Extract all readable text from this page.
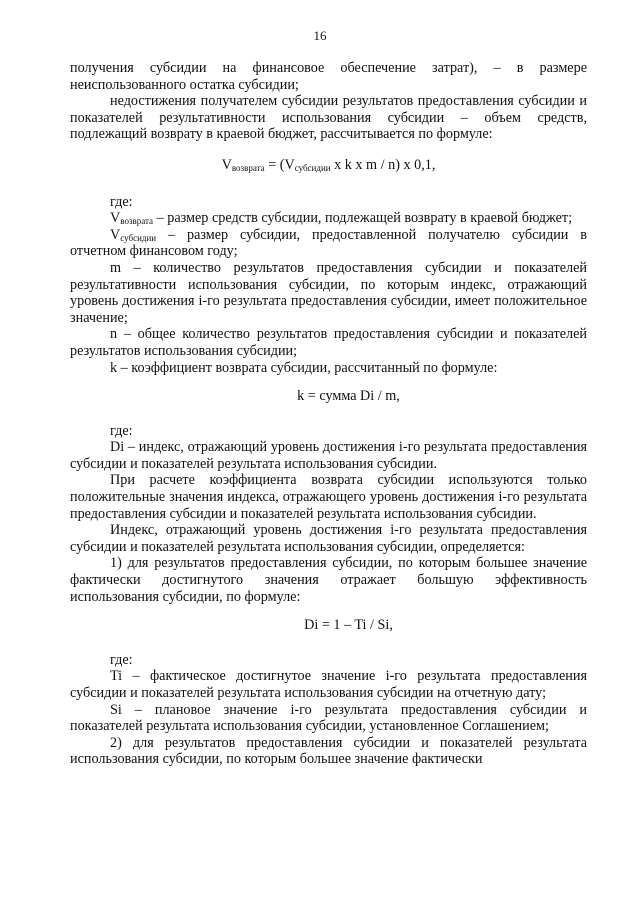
16

получения субсидии на финансовое обеспечение затрат), – в размере неиспользованного остатка субсидии;

недостижения получателем субсидии результатов предоставления субсидии и показателей результативности использования субсидии – объем средств, подлежащий возврату в краевой бюджет, рассчитывается по формуле:

$V_{возврата} = (V_{субсидии}$ x k x m / n) x 0,1,

где:

$V_{возврата}$ – размер средств субсидии, подлежащей возврату в краевой бюджет;

$V_{субсидии}$ – размер субсидии, предоставленной получателю субсидии в отчетном финансовом году;

m – количество результатов предоставления субсидии и показателей результативности использования субсидии, по которым индекс, отражающий уровень достижения i-го результата предоставления субсидии, имеет положительное значение;

n – общее количество результатов предоставления субсидии и показателей результатов использования субсидии;

k – коэффициент возврата субсидии, рассчитанный по формуле:

k = сумма Di / m,

где:

Di – индекс, отражающий уровень достижения i-го результата предоставления субсидии и показателей результата использования субсидии.

При расчете коэффициента возврата субсидии используются только положительные значения индекса, отражающего уровень достижения i-го результата предоставления субсидии и показателей результата использования субсидии.

Индекс, отражающий уровень достижения i-го результата предоставления субсидии и показателей результата использования субсидии, определяется:

1) для результатов предоставления субсидии, по которым большее значение фактически достигнутого значения отражает большую эффективность использования субсидии, по формуле:

Di = 1 – Ti / Si,

где:

Ti – фактическое достигнутое значение i-го результата предоставления субсидии и показателей результата использования субсидии на отчетную дату;

Si – плановое значение i-го результата предоставления субсидии и показателей результата использования субсидии, установленное Соглашением;

2) для результатов предоставления субсидии и показателей результата использования субсидии, по которым большее значение фактически
